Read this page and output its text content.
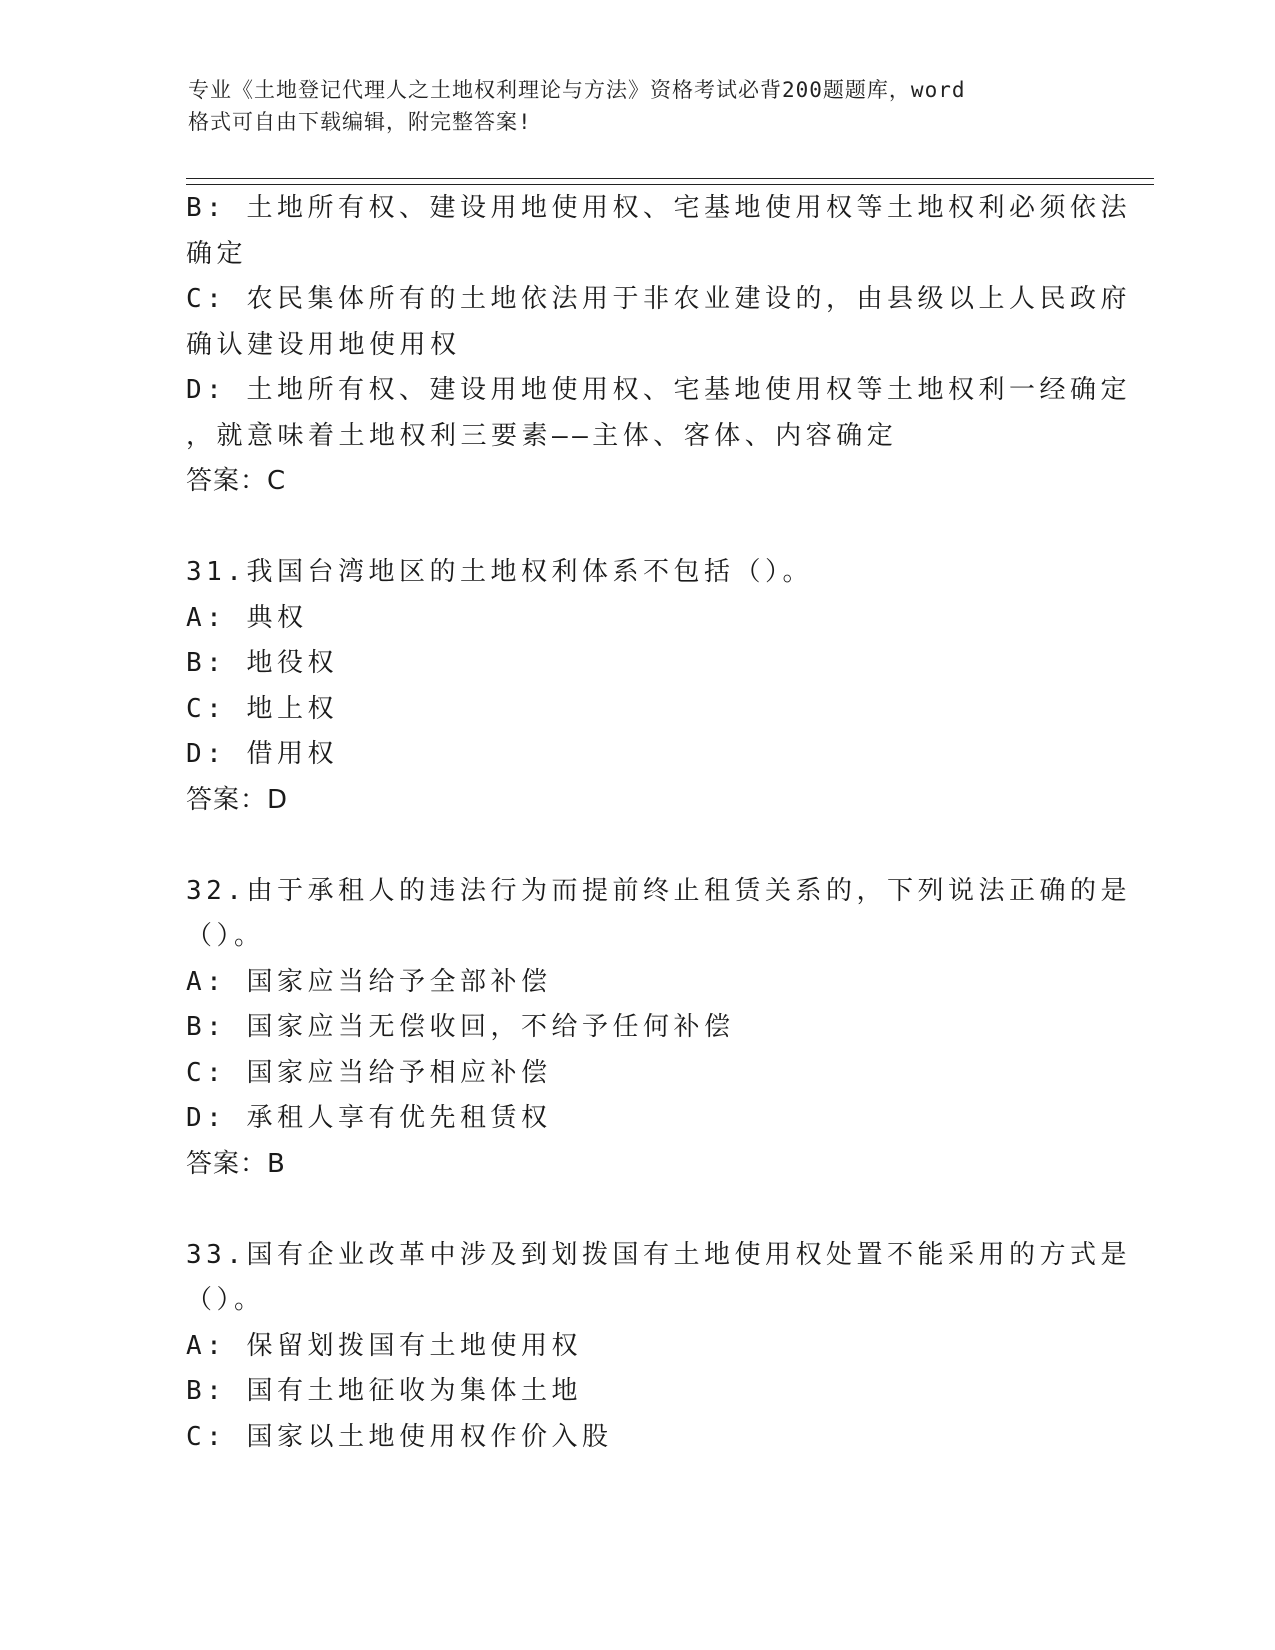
专业《土地登记代理人之土地权利理论与方法》资格考试必背200题题库，word
格式可自由下载编辑，附完整答案!
B: 土地所有权、建设用地使用权、宅基地使用权等土地权利必须依法
确定
C: 农民集体所有的土地依法用于非农业建设的，由县级以上人民政府
确认建设用地使用权
D: 土地所有权、建设用地使用权、宅基地使用权等土地权利一经确定
，就意味着土地权利三要素——主体、客体、内容确定
答案：C
31.我国台湾地区的土地权利体系不包括（）。
A: 典权
B: 地役权
C: 地上权
D: 借用权
答案：D
32.由于承租人的违法行为而提前终止租赁关系的，下列说法正确的是
（）。
A: 国家应当给予全部补偿
B: 国家应当无偿收回，不给予任何补偿
C: 国家应当给予相应补偿
D: 承租人享有优先租赁权
答案：B
33.国有企业改革中涉及到划拨国有土地使用权处置不能采用的方式是
（）。
A: 保留划拨国有土地使用权
B: 国有土地征收为集体土地
C: 国家以土地使用权作价入股
